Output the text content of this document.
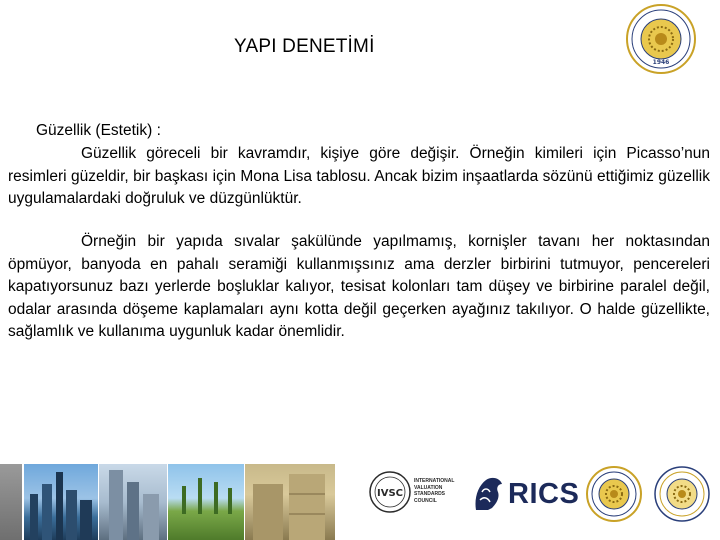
YAPI DENETİMİ
1946
Güzellik (Estetik) :

Güzellik göreceli bir kavramdır, kişiye göre değişir. Örneğin kimileri için Picasso’nun resimleri güzeldir, bir başkası için Mona Lisa tablosu. Ancak bizim inşaatlarda sözünü ettiğimiz güzellik uygulamalardaki doğruluk ve düzgünlüktür.

Örneğin bir yapıda sıvalar şakülünde yapılmamış, kornişler tavanı her noktasından öpmüyor, banyoda en pahalı seramiği kullanmışsınız ama derzler birbirini tutmuyor, pencereleri kapatıyorsunuz bazı yerlerde boşluklar kalıyor, tesisat kolonları tam düşey ve birbirine paralel değil, odalar arasında döşeme kaplamaları aynı kotta değil geçerken ayağınız takılıyor. O halde güzellikte, sağlamlık ve kullanıma uygunluk kadar önemlidir.

IVSC
INTERNATIONAL
VALUATION
STANDARDS
COUNCIL	RICS
